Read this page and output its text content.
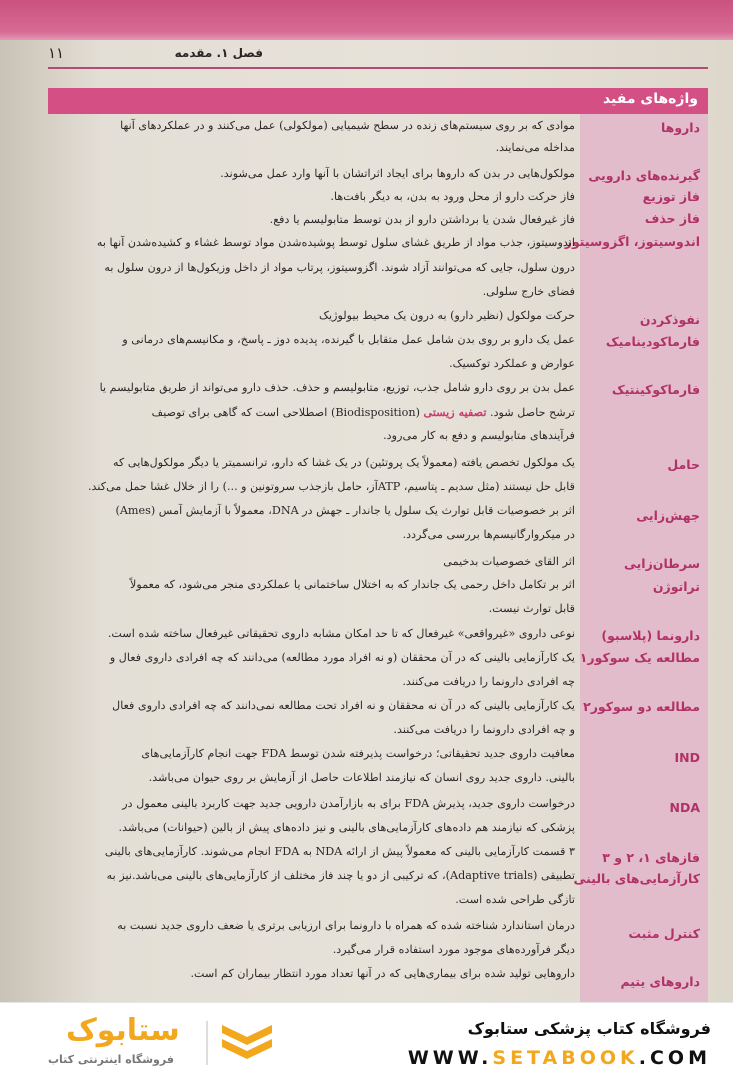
۱۱	فصل ۱. مقدمه
واژه‌های مفید
داروها
گیرنده‌های دارویی
فاز توزیع
فاز حذف
اندوسیتوز، اگزوسیتوز
نفوذکردن
فارماکودینامیک
فارماکوکینتیک
حامل
جهش‌زایی
سرطان‌زایی
تراتوژن
دارونما (پلاسبو)
مطالعه یک سوکور۱
مطالعه دو سوکور۲
IND
NDA
فازهای ۱، ۲ و ۳
کارآزمایی‌های بالینی
کنترل مثبت
داروهای یتیم
موادی که بر روی سیستم‌های زنده در سطح شیمیایی (مولکولی) عمل می‌کنند و در عملکردهای آنها
مداخله می‌نمایند.
مولکول‌هایی در بدن که داروها برای ایجاد اثراتشان با آنها وارد عمل می‌شوند.
فاز حرکت دارو از محل ورود به بدن، به دیگر بافت‌ها.
فاز غیرفعال شدن یا برداشتن دارو از بدن توسط متابولیسم یا دفع.
اندوسیتوز، جذب مواد از طریق غشای سلول توسط پوشیده‌شدن مواد توسط غشاء و کشیده‌شدن آنها به
درون سلول، جایی که می‌توانند آزاد شوند. اگزوسیتوز، پرتاب مواد از داخل وزیکول‌ها از درون سلول به
فضای خارج سلولی.
حرکت مولکول (نظیر دارو) به درون یک محیط بیولوژیک
عمل یک دارو بر روی بدن شامل عمل متقابل با گیرنده، پدیده دوز ـ پاسخ، و مکانیسم‌های درمانی و
عوارض و عملکرد توکسیک.
عمل بدن بر روی دارو شامل جذب، توزیع، متابولیسم و حذف. حذف دارو می‌تواند از طریق متابولیسم یا
ترشح حاصل شود. تصفیه زیستی (Biodisposition) اصطلاحی است که گاهی برای توصیف
فرآیندهای متابولیسم و دفع به کار می‌رود.
یک مولکول تخصص یافته (معمولاً یک پروتئین) در یک غشا که دارو، ترانسمیتر یا دیگر مولکول‌هایی که
قابل حل نیستند (مثل سدیم ـ پتاسیم، ATPآز، حامل بازجذب سروتونین و ...) را از خلال غشا حمل می‌کند.
اثر بر خصوصیات قابل توارث یک سلول یا جاندار ـ جهش در DNA، معمولاً با آزمایش آمس (Ames)
در میکروارگانیسم‌ها بررسی می‌گردد.
اثر القای خصوصیات بدخیمی
اثر بر تکامل داخل رحمی یک جاندار که به اختلال ساختمانی یا عملکردی منجر می‌شود، که معمولاً
قابل توارث نیست.
نوعی داروی «غیرواقعی» غیرفعال که تا حد امکان مشابه داروی تحقیقاتی غیرفعال ساخته شده است.
یک کارآزمایی بالینی که در آن محققان (و نه افراد مورد مطالعه) می‌دانند که چه افرادی داروی فعال و
چه افرادی دارونما را دریافت می‌کنند.
یک کارآزمایی بالینی که در آن نه محققان و نه افراد تحت مطالعه نمی‌دانند که چه افرادی داروی فعال
و چه افرادی دارونما را دریافت می‌کنند.
معافیت داروی جدید تحقیقاتی؛ درخواست پذیرفته شدن توسط FDA جهت انجام کارآزمایی‌های
بالینی. داروی جدید روی انسان که نیازمند اطلاعات حاصل از آزمایش بر روی حیوان می‌باشد.
درخواست داروی جدید، پذیرش FDA برای به بازارآمدن دارویی جدید جهت کاربرد بالینی معمول در
پزشکی که نیازمند هم داده‌های کارآزمایی‌های بالینی و نیز داده‌های پیش از بالین (حیوانات) می‌باشد.
۳ قسمت کارآزمایی بالینی که معمولاً پیش از ارائه NDA به FDA انجام می‌شوند. کارآزمایی‌های بالینی
تطبیقی (Adaptive trials)، که ترکیبی از دو یا چند فاز مختلف از کارآزمایی‌های بالینی می‌باشد.نیز به
تازگی طراحی شده است.
درمان استاندارد شناخته شده که همراه با دارونما برای ارزیابی برتری یا ضعف داروی جدید نسبت به
دیگر فرآورده‌های موجود مورد استفاده قرار می‌گیرد.
داروهایی تولید شده برای بیماری‌هایی که در آنها تعداد مورد انتظار بیماران کم است.
فروشگاه کتاب پزشکی ستابوک
WWW.SETABOOK.COM
ستابوک
فروشگاه اینترنتی کتاب
